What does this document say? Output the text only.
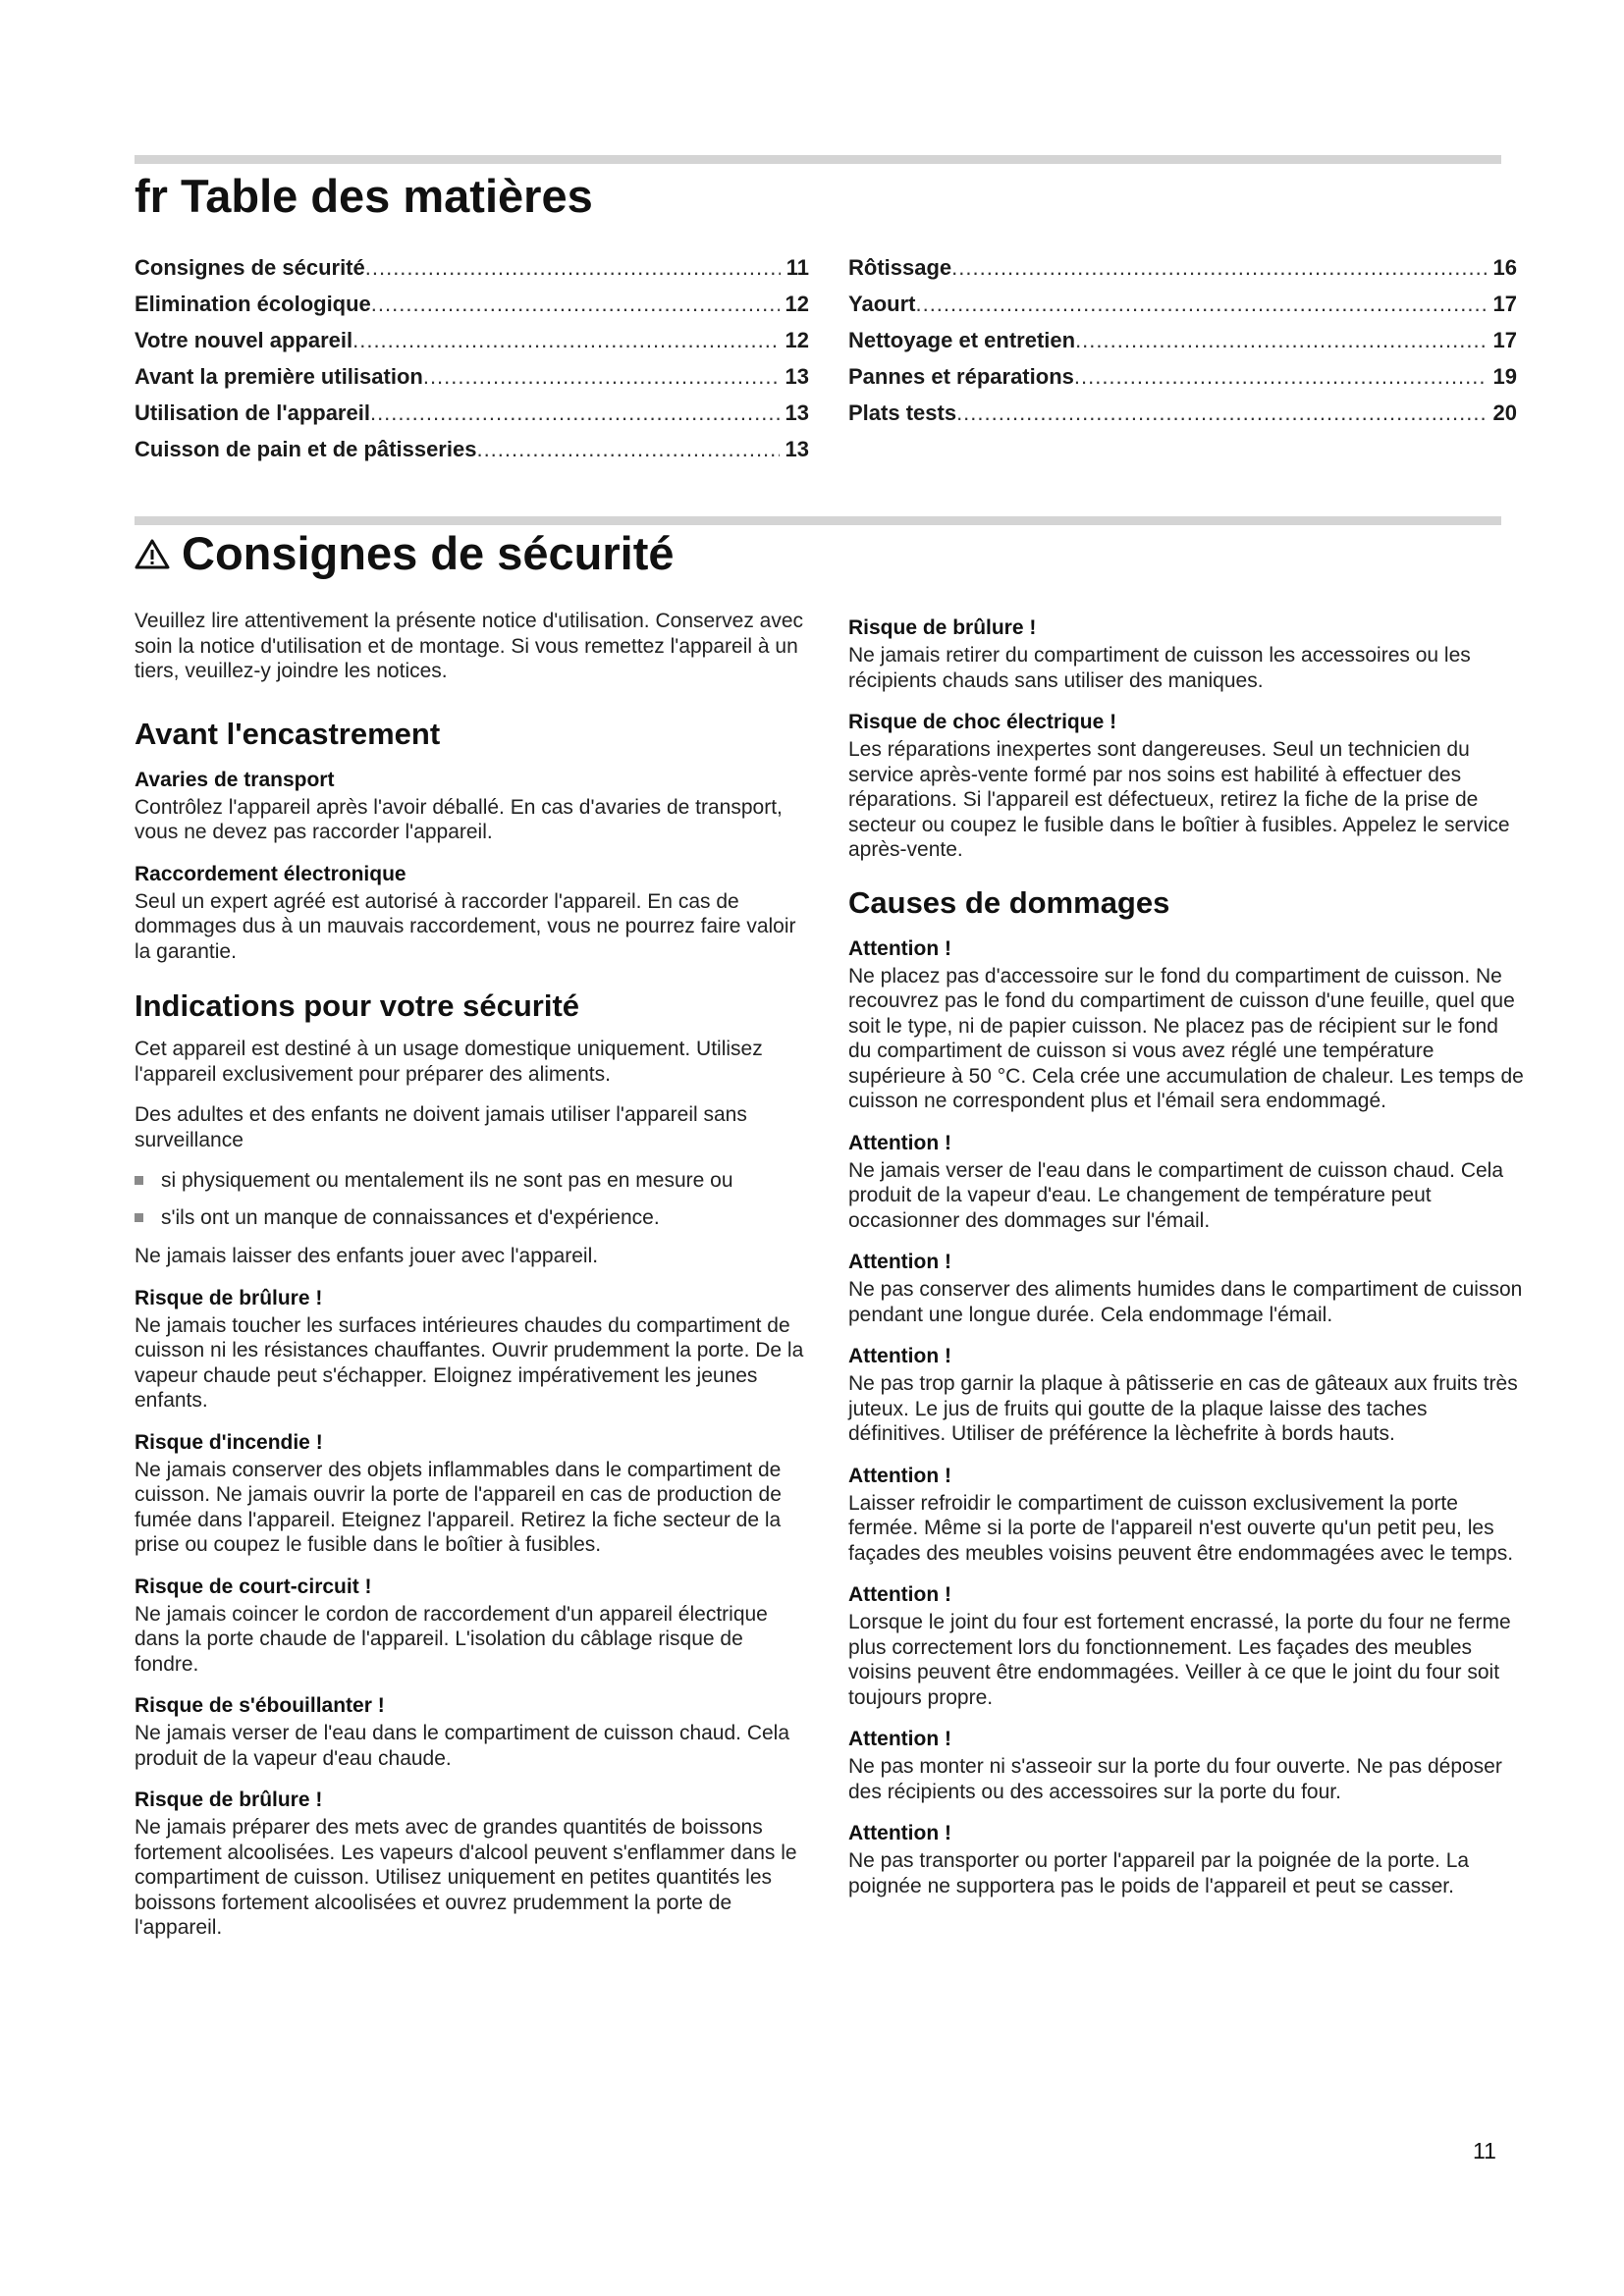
fr Table des matières
Consignes de sécurité .....	11
Elimination écologique .....	12
Votre nouvel appareil .....	12
Avant la première utilisation .....	13
Utilisation de l'appareil .....	13
Cuisson de pain et de pâtisseries .....	13
Rôtissage .....	16
Yaourt .....	17
Nettoyage et entretien .....	17
Pannes et réparations .....	19
Plats tests .....	20
Consignes de sécurité

Veuillez lire attentivement la présente notice d'utilisation. Conservez avec soin la notice d'utilisation et de montage. Si vous remettez l'appareil à un tiers, veuillez-y joindre les notices.

Avant l'encastrement
Avaries de transport

Contrôlez l'appareil après l'avoir déballé. En cas d'avaries de transport, vous ne devez pas raccorder l'appareil.

Raccordement électronique

Seul un expert agréé est autorisé à raccorder l'appareil. En cas de dommages dus à un mauvais raccordement, vous ne pourrez faire valoir la garantie.

Indications pour votre sécurité

Cet appareil est destiné à un usage domestique uniquement. Utilisez l'appareil exclusivement pour préparer des aliments.

Des adultes et des enfants ne doivent jamais utiliser l'appareil sans surveillance

si physiquement ou mentalement ils ne sont pas en mesure ou
s'ils ont un manque de connaissances et d'expérience.

Ne jamais laisser des enfants jouer avec l'appareil.

Risque de brûlure !

Ne jamais toucher les surfaces intérieures chaudes du compartiment de cuisson ni les résistances chauffantes. Ouvrir prudemment la porte. De la vapeur chaude peut s'échapper. Eloignez impérativement les jeunes enfants.

Risque d'incendie !

Ne jamais conserver des objets inflammables dans le compartiment de cuisson. Ne jamais ouvrir la porte de l'appareil en cas de production de fumée dans l'appareil. Eteignez l'appareil. Retirez la fiche secteur de la prise ou coupez le fusible dans le boîtier à fusibles.

Risque de court-circuit !

Ne jamais coincer le cordon de raccordement d'un appareil électrique dans la porte chaude de l'appareil. L'isolation du câblage risque de fondre.

Risque de s'ébouillanter !

Ne jamais verser de l'eau dans le compartiment de cuisson chaud. Cela produit de la vapeur d'eau chaude.

Risque de brûlure !

Ne jamais préparer des mets avec de grandes quantités de boissons fortement alcoolisées. Les vapeurs d'alcool peuvent s'enflammer dans le compartiment de cuisson. Utilisez uniquement en petites quantités les boissons fortement alcoolisées et ouvrez prudemment la porte de l'appareil.

Risque de brûlure !

Ne jamais retirer du compartiment de cuisson les accessoires ou les récipients chauds sans utiliser des maniques.

Risque de choc électrique !

Les réparations inexpertes sont dangereuses. Seul un technicien du service après-vente formé par nos soins est habilité à effectuer des réparations. Si l'appareil est défectueux, retirez la fiche de la prise de secteur ou coupez le fusible dans le boîtier à fusibles. Appelez le service après-vente.

Causes de dommages
Attention !

Ne placez pas d'accessoire sur le fond du compartiment de cuisson. Ne recouvrez pas le fond du compartiment de cuisson d'une feuille, quel que soit le type, ni de papier cuisson. Ne placez pas de récipient sur le fond du compartiment de cuisson si vous avez réglé une température supérieure à 50 °C. Cela crée une accumulation de chaleur. Les temps de cuisson ne correspondent plus et l'émail sera endommagé.

Attention !

Ne jamais verser de l'eau dans le compartiment de cuisson chaud. Cela produit de la vapeur d'eau. Le changement de température peut occasionner des dommages sur l'émail.

Attention !

Ne pas conserver des aliments humides dans le compartiment de cuisson pendant une longue durée. Cela endommage l'émail.

Attention !

Ne pas trop garnir la plaque à pâtisserie en cas de gâteaux aux fruits très juteux. Le jus de fruits qui goutte de la plaque laisse des taches définitives. Utiliser de préférence la lèchefrite à bords hauts.

Attention !

Laisser refroidir le compartiment de cuisson exclusivement la porte fermée. Même si la porte de l'appareil n'est ouverte qu'un petit peu, les façades des meubles voisins peuvent être endommagées avec le temps.

Attention !

Lorsque le joint du four est fortement encrassé, la porte du four ne ferme plus correctement lors du fonctionnement. Les façades des meubles voisins peuvent être endommagées. Veiller à ce que le joint du four soit toujours propre.

Attention !

Ne pas monter ni s'asseoir sur la porte du four ouverte. Ne pas déposer des récipients ou des accessoires sur la porte du four.

Attention !

Ne pas transporter ou porter l'appareil par la poignée de la porte. La poignée ne supportera pas le poids de l'appareil et peut se casser.

11
